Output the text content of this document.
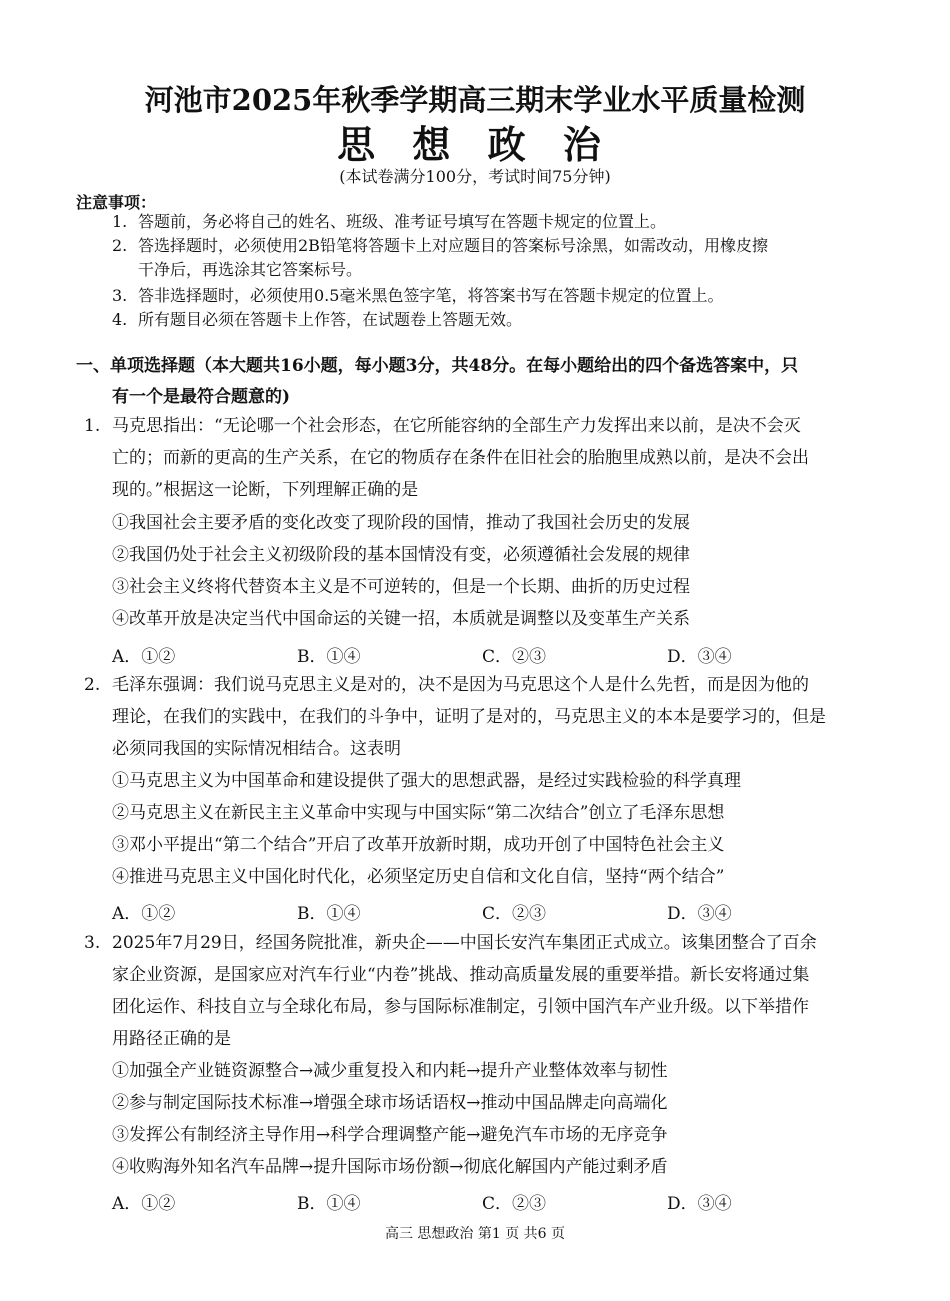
河池市2025年秋季学期高三期末学业水平质量检测
思 想 政 治
(本试卷满分100分，考试时间75分钟)
注意事项：
1. 答题前，务必将自己的姓名、班级、准考证号填写在答题卡规定的位置上。
2. 答选择题时，必须使用2B铅笔将答题卡上对应题目的答案标号涂黑，如需改动，用橡皮擦
干净后，再选涂其它答案标号。
3. 答非选择题时，必须使用0.5毫米黑色签字笔，将答案书写在答题卡规定的位置上。
4. 所有题目必须在答题卡上作答，在试题卷上答题无效。
一、单项选择题（本大题共16小题，每小题3分，共48分。在每小题给出的四个备选答案中，只
有一个是最符合题意的)
1. 马克思指出：“无论哪一个社会形态，在它所能容纳的全部生产力发挥出来以前，是决不会灭
亡的；而新的更高的生产关系，在它的物质存在条件在旧社会的胎胞里成熟以前，是决不会出
现的。”根据这一论断，下列理解正确的是
①我国社会主要矛盾的变化改变了现阶段的国情，推动了我国社会历史的发展
②我国仍处于社会主义初级阶段的基本国情没有变，必须遵循社会发展的规律
③社会主义终将代替资本主义是不可逆转的，但是一个长期、曲折的历史过程
④改革开放是决定当代中国命运的关键一招，本质就是调整以及变革生产关系
A．①②	B．①④	C．②③	D．③④
2. 毛泽东强调：我们说马克思主义是对的，决不是因为马克思这个人是什么先哲，而是因为他的
理论，在我们的实践中，在我们的斗争中，证明了是对的，马克思主义的本本是要学习的，但是
必须同我国的实际情况相结合。这表明
①马克思主义为中国革命和建设提供了强大的思想武器，是经过实践检验的科学真理
②马克思主义在新民主主义革命中实现与中国实际“第二次结合”创立了毛泽东思想
③邓小平提出“第二个结合”开启了改革开放新时期，成功开创了中国特色社会主义
④推进马克思主义中国化时代化，必须坚定历史自信和文化自信，坚持“两个结合”
A．①②	B．①④	C．②③	D．③④
3. 2025年7月29日，经国务院批准，新央企——中国长安汽车集团正式成立。该集团整合了百余
家企业资源，是国家应对汽车行业“内卷”挑战、推动高质量发展的重要举措。新长安将通过集
团化运作、科技自立与全球化布局，参与国际标准制定，引领中国汽车产业升级。以下举措作
用路径正确的是
①加强全产业链资源整合→减少重复投入和内耗→提升产业整体效率与韧性
②参与制定国际技术标准→增强全球市场话语权→推动中国品牌走向高端化
③发挥公有制经济主导作用→科学合理调整产能→避免汽车市场的无序竞争
④收购海外知名汽车品牌→提升国际市场份额→彻底化解国内产能过剩矛盾
A．①②	B．①④	C．②③	D．③④
高三 思想政治 第1 页 共6 页
